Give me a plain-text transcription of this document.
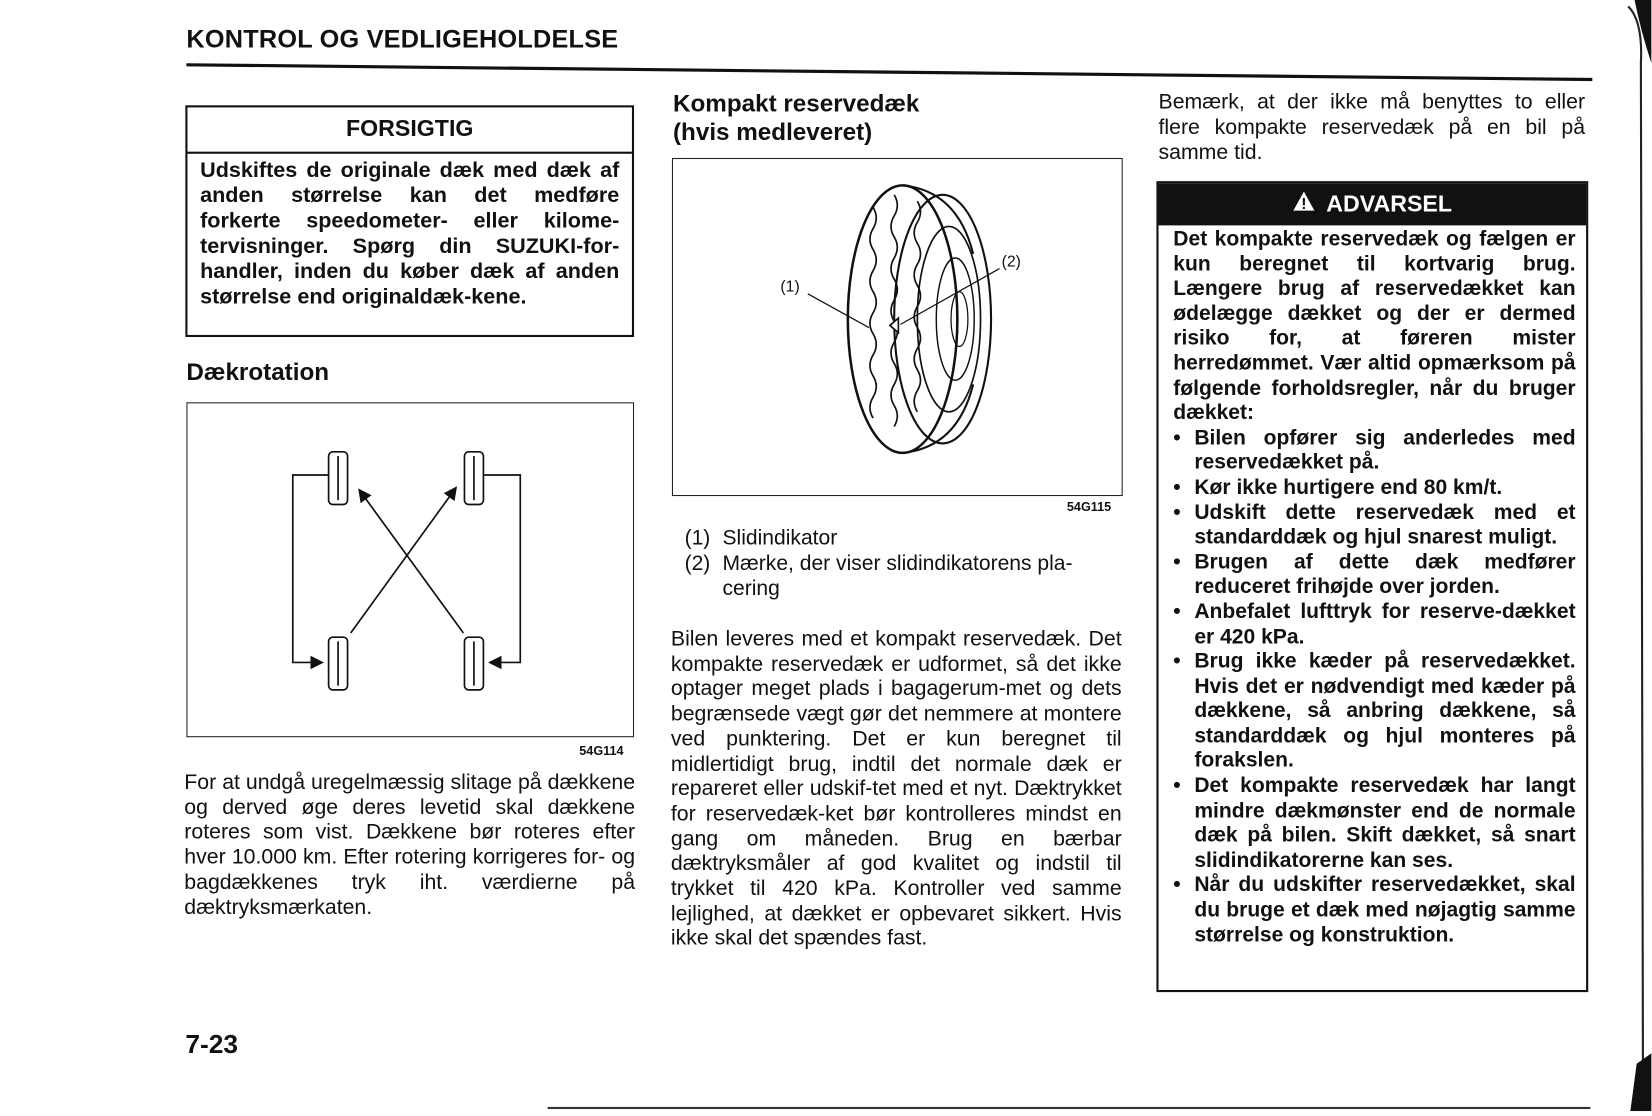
KONTROL OG VEDLIGEHOLDELSE
FORSIGTIG
Udskiftes de originale dæk med dæk af anden størrelse kan det medføre forkerte speedometer- eller kilome-tervisninger. Spørg din SUZUKI-for-handler, inden du køber dæk af anden størrelse end originaldæk-kene.
Dækrotation
54G114
For at undgå uregelmæssig slitage på dækkene og derved øge deres levetid skal dækkene roteres som vist. Dækkene bør roteres efter hver 10.000 km. Efter rotering korrigeres for- og bagdækkenes tryk iht. værdierne på dæktryksmærkaten.
Kompakt reservedæk
(hvis medleveret)
(1)
(2)
54G115
(1) Slidindikator
(2) Mærke, der viser slidindikatorens pla-cering
Bilen leveres med et kompakt reservedæk. Det kompakte reservedæk er udformet, så det ikke optager meget plads i bagagerum-met og dets begrænsede vægt gør det nemmere at montere ved punktering. Det er kun beregnet til midlertidigt brug, indtil det normale dæk er repareret eller udskif-tet med et nyt. Dæktrykket for reservedæk-ket bør kontrolleres mindst en gang om måneden. Brug en bærbar dæktryksmåler af god kvalitet og indstil til trykket til 420 kPa. Kontroller ved samme lejlighed, at dækket er opbevaret sikkert. Hvis ikke skal det spændes fast.
Bemærk, at der ikke må benyttes to eller flere kompakte reservedæk på en bil på samme tid.
ADVARSEL
Det kompakte reservedæk og fælgen er kun beregnet til kortvarig brug. Længere brug af reservedækket kan ødelægge dækket og der er dermed risiko for, at føreren mister herredømmet. Vær altid opmærksom på følgende forholdsregler, når du bruger dækket:
• Bilen opfører sig anderledes med reservedækket på.
• Kør ikke hurtigere end 80 km/t.
• Udskift dette reservedæk med et standarddæk og hjul snarest muligt.
• Brugen af dette dæk medfører reduceret frihøjde over jorden.
• Anbefalet lufttryk for reserve-dækket er 420 kPa.
• Brug ikke kæder på reservedækket. Hvis det er nødvendigt med kæder på dækkene, så anbring dækkene, så standarddæk og hjul monteres på forakslen.
• Det kompakte reservedæk har langt mindre dækmønster end de normale dæk på bilen. Skift dækket, så snart slidindikatorerne kan ses.
• Når du udskifter reservedækket, skal du bruge et dæk med nøjagtig samme størrelse og konstruktion.
7-23
